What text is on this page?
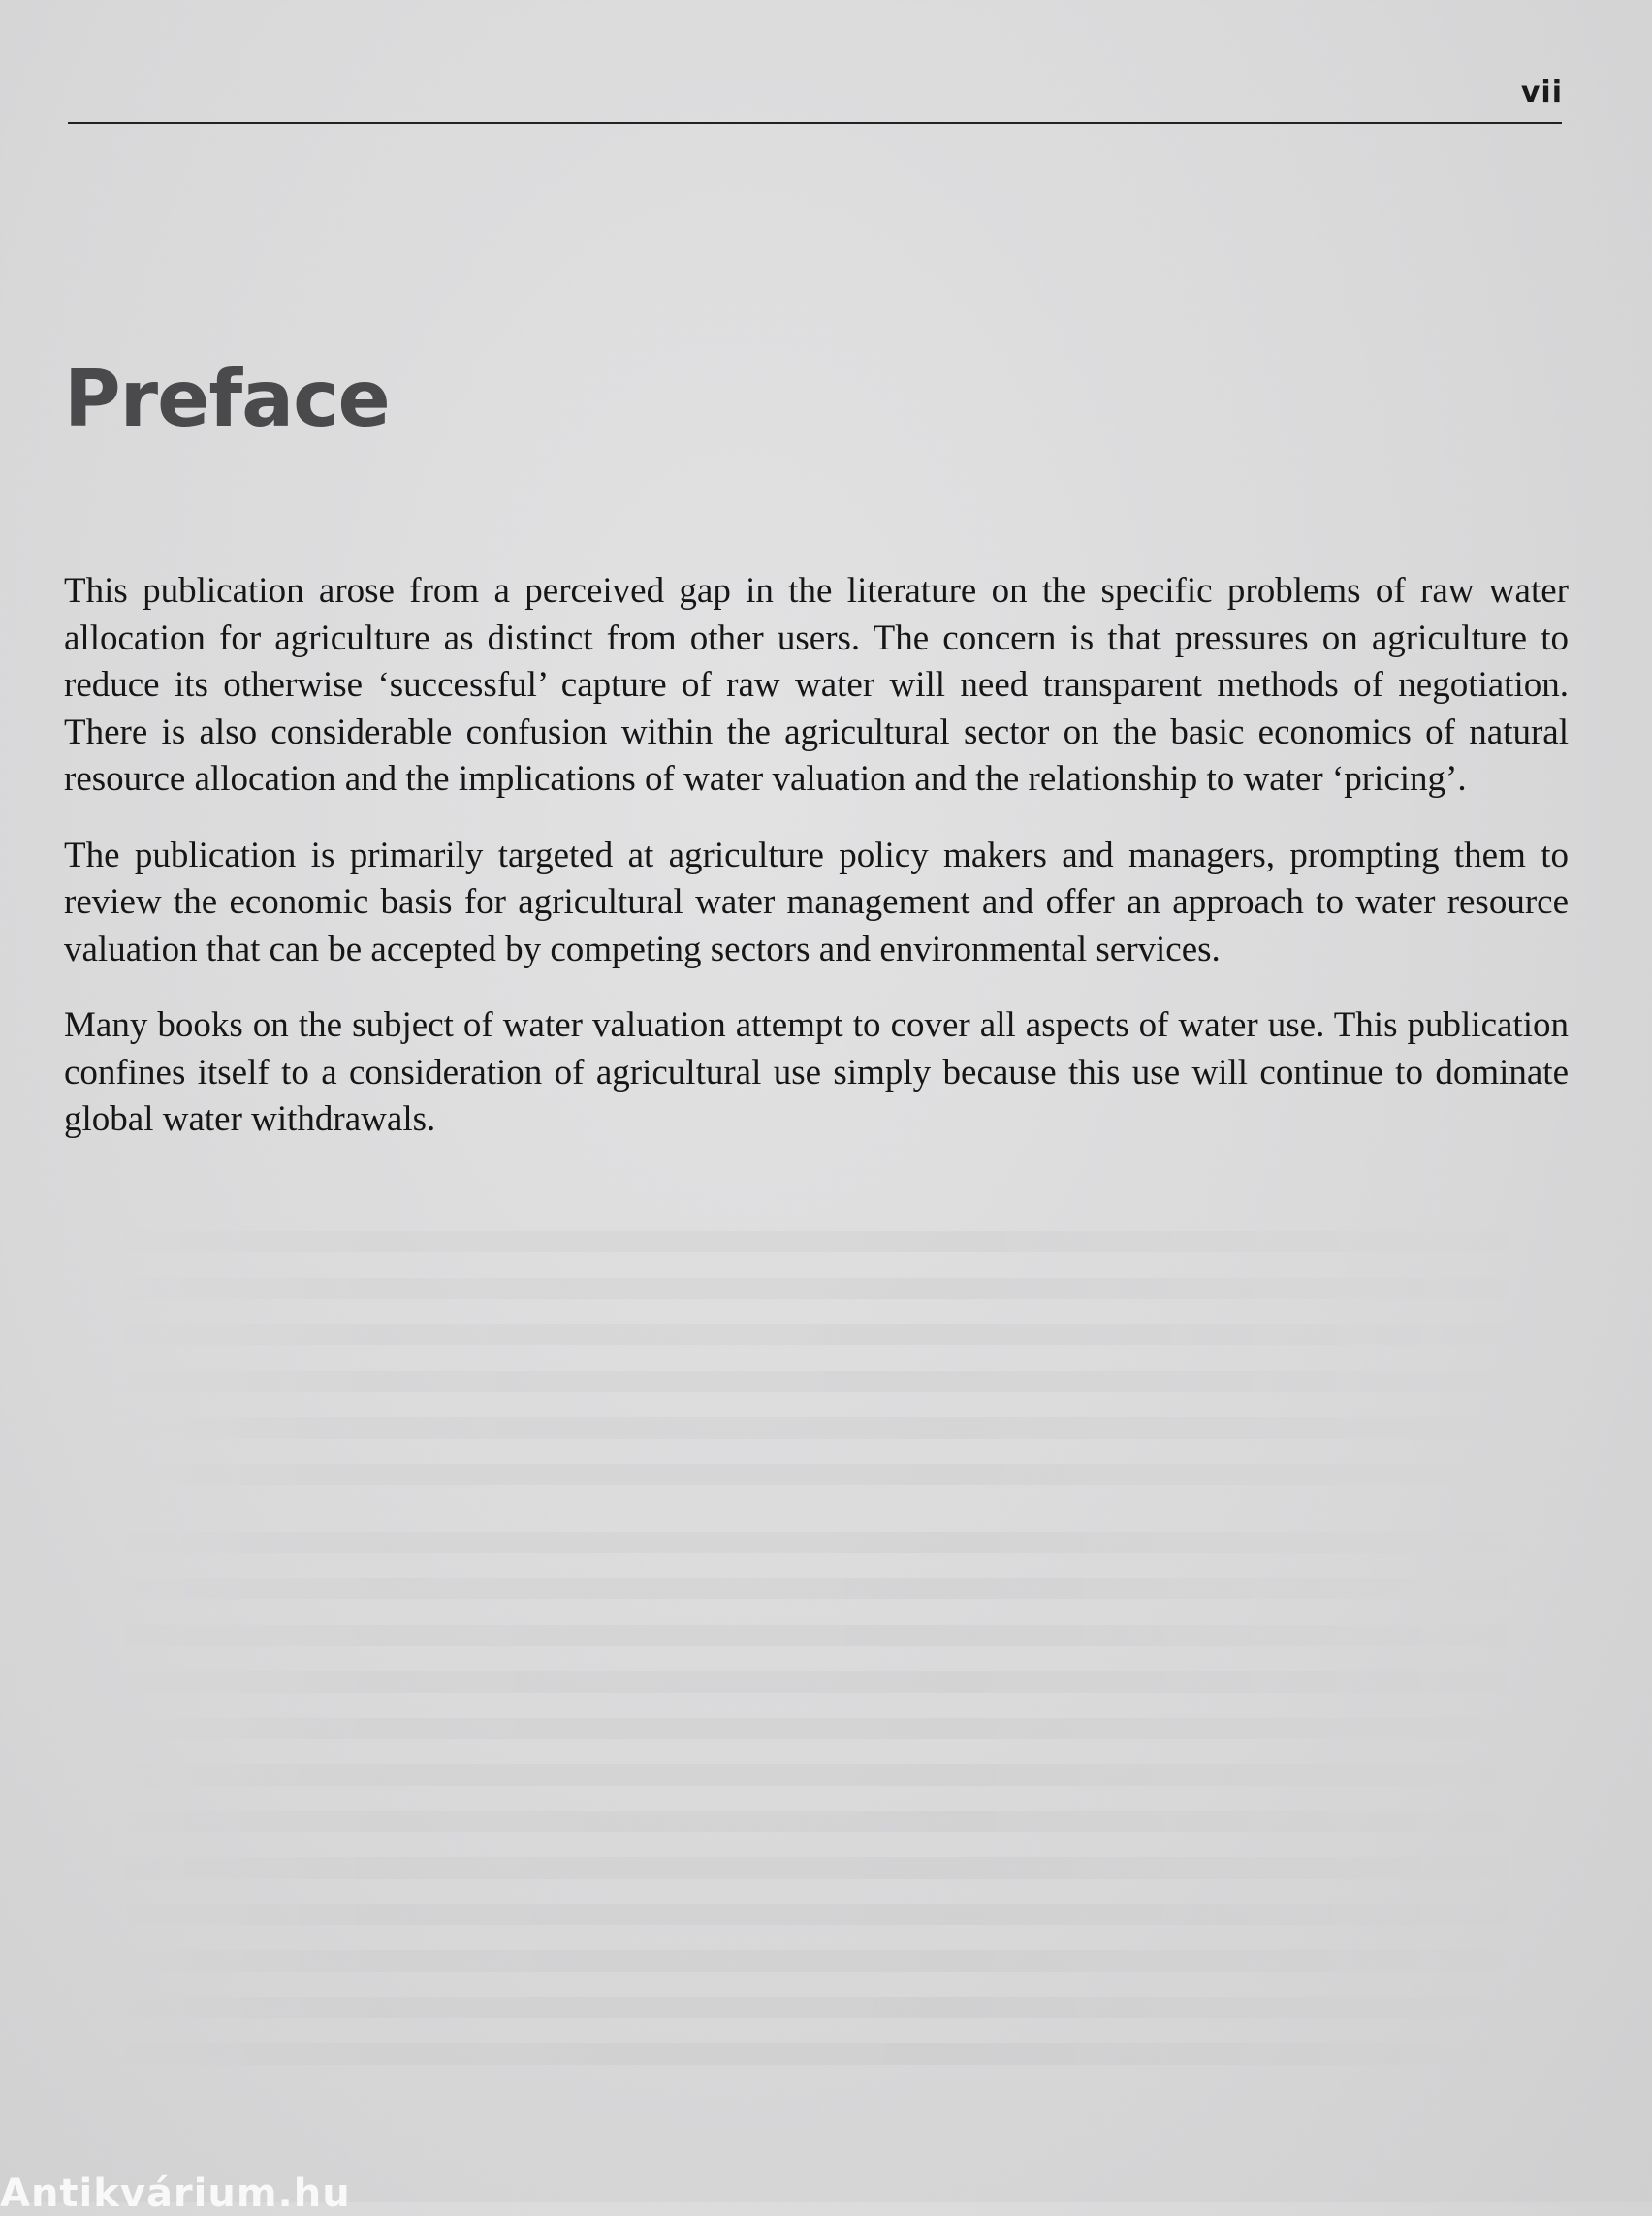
vii
Preface

This publication arose from a perceived gap in the literature on the specific problems of raw water allocation for agriculture as distinct from other users. The concern is that pressures on agriculture to reduce its otherwise ‘successful’ capture of raw water will need transparent methods of negotiation. There is also considerable confusion within the agricultural sector on the basic economics of natural resource allocation and the implications of water valuation and the relationship to water ‘pricing’.

The publication is primarily targeted at agriculture policy makers and managers, prompting them to review the economic basis for agricultural water management and offer an approach to water resource valuation that can be accepted by competing sectors and environmental services.

Many books on the subject of water valuation attempt to cover all aspects of water use. This publication confines itself to a consideration of agricultural use simply because this use will continue to dominate global water withdrawals.

Antikvárium.hu
